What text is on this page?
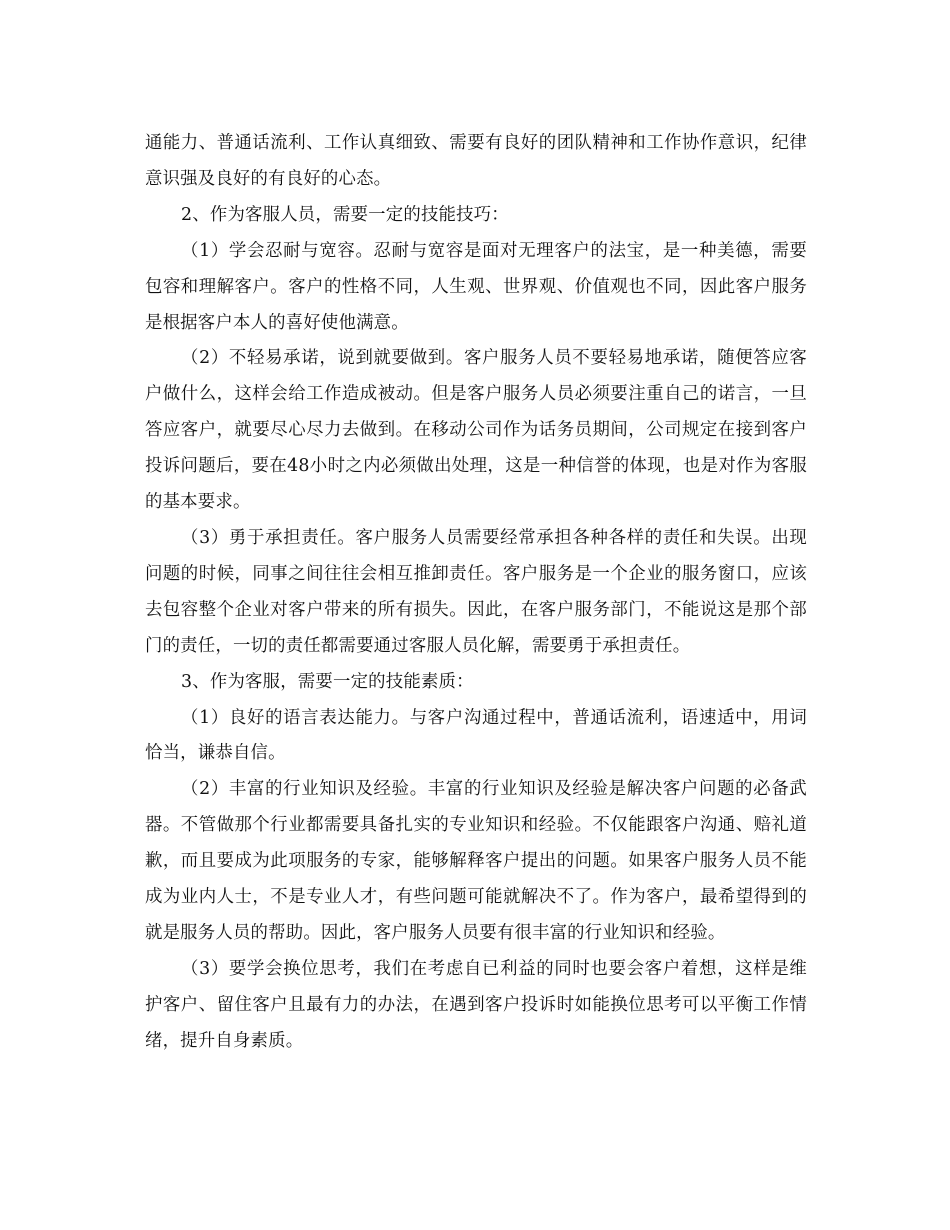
通能力、普通话流利、工作认真细致、需要有良好的团队精神和工作协作意识，纪律意识强及良好的有良好的心态。

2、作为客服人员，需要一定的技能技巧：

（1）学会忍耐与宽容。忍耐与宽容是面对无理客户的法宝，是一种美德，需要包容和理解客户。客户的性格不同，人生观、世界观、价值观也不同，因此客户服务是根据客户本人的喜好使他满意。

（2）不轻易承诺，说到就要做到。客户服务人员不要轻易地承诺，随便答应客户做什么，这样会给工作造成被动。但是客户服务人员必须要注重自己的诺言，一旦答应客户，就要尽心尽力去做到。在移动公司作为话务员期间，公司规定在接到客户投诉问题后，要在48小时之内必须做出处理，这是一种信誉的体现，也是对作为客服的基本要求。

（3）勇于承担责任。客户服务人员需要经常承担各种各样的责任和失误。出现问题的时候，同事之间往往会相互推卸责任。客户服务是一个企业的服务窗口，应该去包容整个企业对客户带来的所有损失。因此，在客户服务部门，不能说这是那个部门的责任，一切的责任都需要通过客服人员化解，需要勇于承担责任。

3、作为客服，需要一定的技能素质：

（1）良好的语言表达能力。与客户沟通过程中，普通话流利，语速适中，用词恰当，谦恭自信。

（2）丰富的行业知识及经验。丰富的行业知识及经验是解决客户问题的必备武器。不管做那个行业都需要具备扎实的专业知识和经验。不仅能跟客户沟通、赔礼道歉，而且要成为此项服务的专家，能够解释客户提出的问题。如果客户服务人员不能成为业内人士，不是专业人才，有些问题可能就解决不了。作为客户，最希望得到的就是服务人员的帮助。因此，客户服务人员要有很丰富的行业知识和经验。

（3）要学会换位思考，我们在考虑自已利益的同时也要会客户着想，这样是维护客户、留住客户且最有力的办法，在遇到客户投诉时如能换位思考可以平衡工作情绪，提升自身素质。
